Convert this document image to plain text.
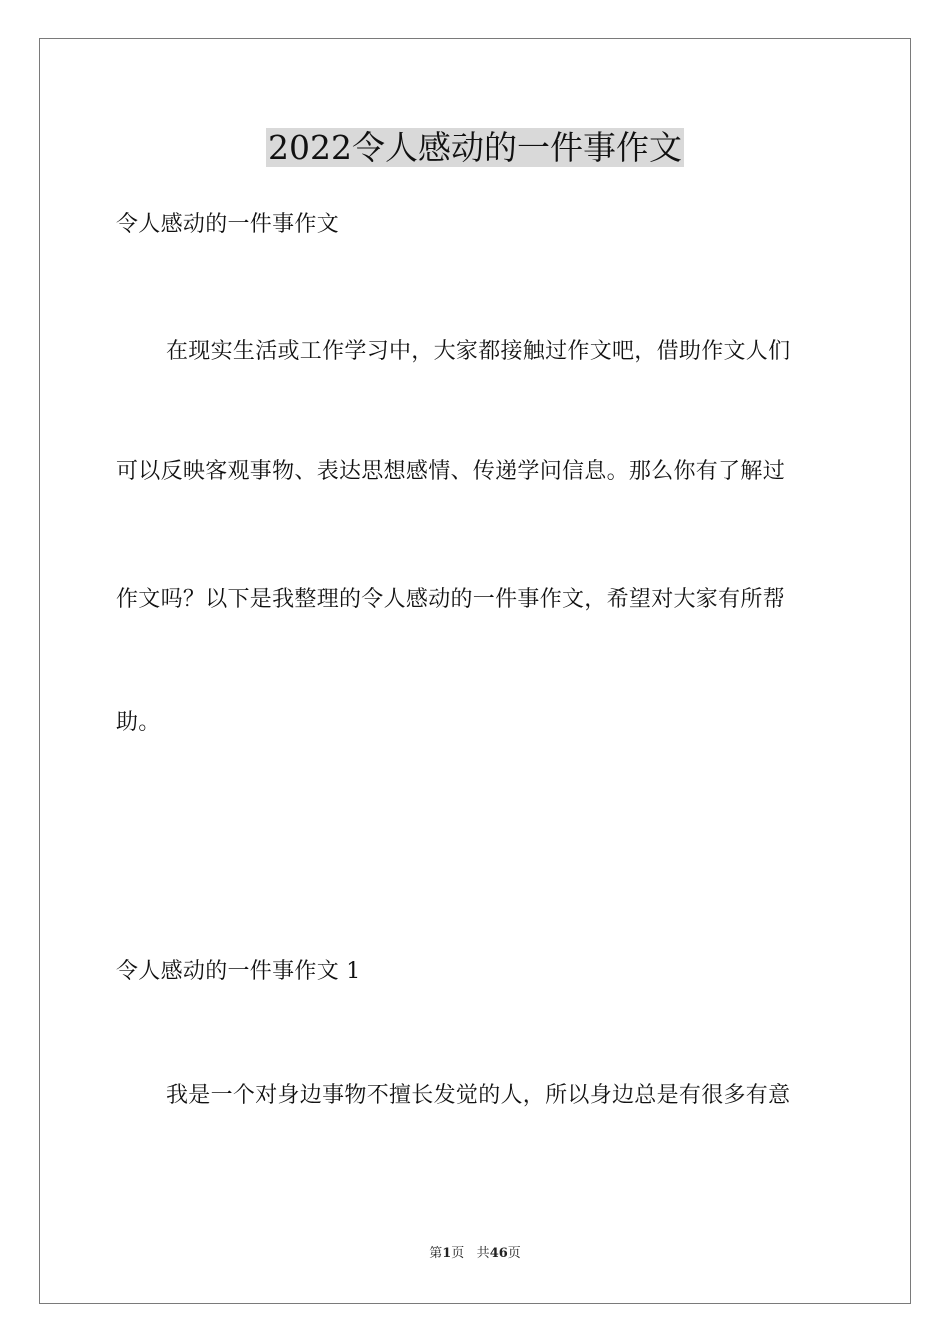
2022令人感动的一件事作文
令人感动的一件事作文
在现实生活或工作学习中，大家都接触过作文吧，借助作文人们
可以反映客观事物、表达思想感情、传递学问信息。那么你有了解过
作文吗？以下是我整理的令人感动的一件事作文，希望对大家有所帮
助。
令人感动的一件事作文 1
我是一个对身边事物不擅长发觉的人，所以身边总是有很多有意
第1页 共46页
